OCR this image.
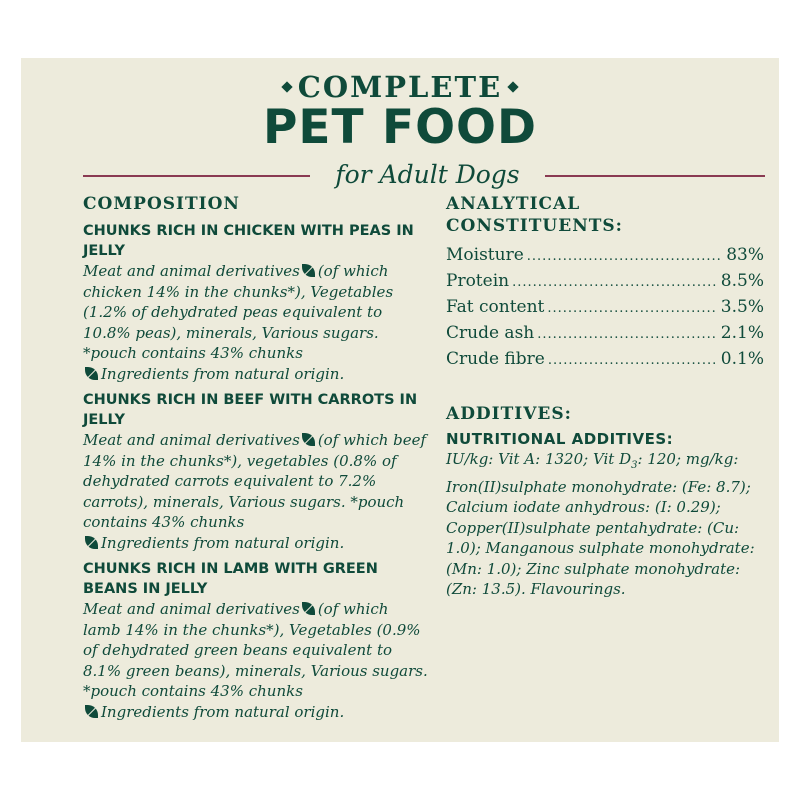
COMPLETE
PET FOOD
for Adult Dogs

COMPOSITION

CHUNKS RICH IN CHICKEN WITH PEAS IN JELLY

Meat and animal derivatives (of which chicken 14% in the chunks*), Vegetables (1.2% of dehydrated peas equivalent to 10.8% peas), minerals, Various sugars. *pouch contains 43% chunks

Ingredients from natural origin.

CHUNKS RICH IN BEEF WITH CARROTS IN JELLY

Meat and animal derivatives (of which beef 14% in the chunks*), vegetables (0.8% of dehydrated carrots equivalent to 7.2% carrots), minerals, Various sugars. *pouch contains 43% chunks

Ingredients from natural origin.

CHUNKS RICH IN LAMB WITH GREEN BEANS IN JELLY

Meat and animal derivatives (of which lamb 14% in the chunks*), Vegetables (0.9% of dehydrated green beans equivalent to 8.1% green beans), minerals, Various sugars. *pouch contains 43% chunks

Ingredients from natural origin.

ANALYTICAL

CONSTITUENTS:

Moisture .....	83%
Protein .....	8.5%
Fat content .....	3.5%
Crude ash .....	2.1%
Crude fibre .....	0.1%

ADDITIVES:

NUTRITIONAL ADDITIVES:

IU/kg: Vit A: 1320; Vit $D_3$: 120; mg/kg: Iron(II)sulphate monohydrate: (Fe: 8.7); Calcium iodate anhydrous: (I: 0.29); Copper(II)sulphate pentahydrate: (Cu: 1.0); Manganous sulphate monohydrate: (Mn: 1.0); Zinc sulphate monohydrate: (Zn: 13.5). Flavourings.
